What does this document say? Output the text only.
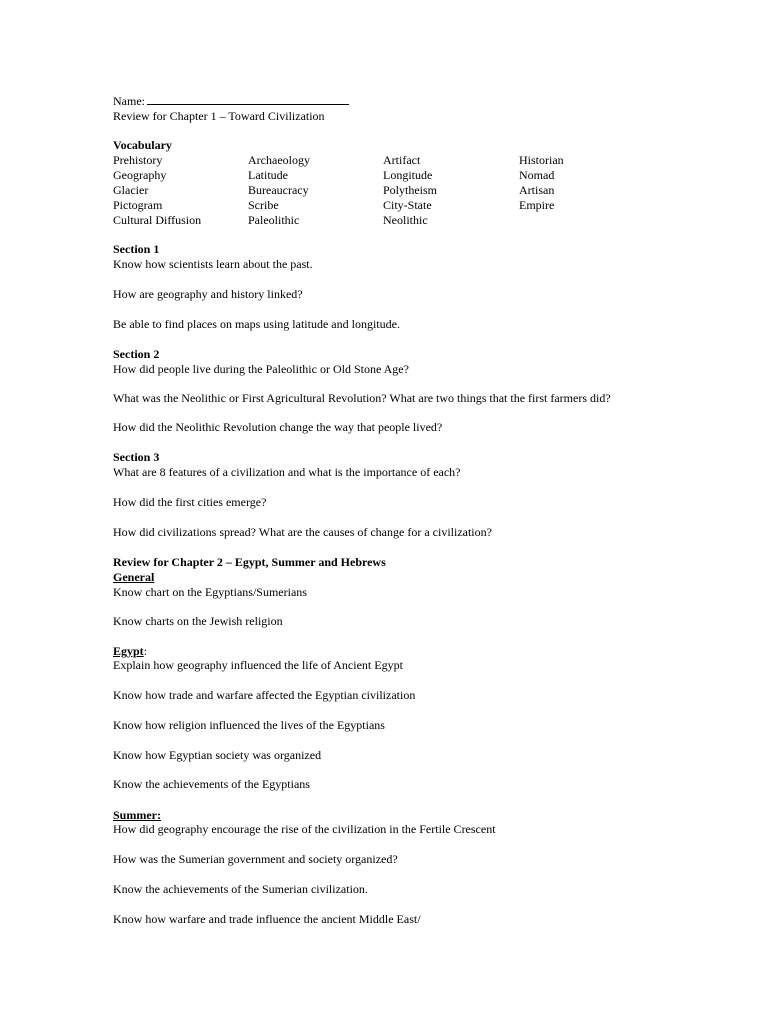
Name:
Review for Chapter 1 – Toward Civilization
Vocabulary
Prehistory	Archaeology	Artifact	Historian
Geography	Latitude	Longitude	Nomad
Glacier	Bureaucracy	Polytheism	Artisan
Pictogram	Scribe	City-State	Empire
Cultural Diffusion	Paleolithic	Neolithic
Section 1
Know how scientists learn about the past.
How are geography and history linked?
Be able to find places on maps using latitude and longitude.
Section 2
How did people live during the Paleolithic or Old Stone Age?
What was the Neolithic or First Agricultural Revolution? What are two things that the first farmers did?
How did the Neolithic Revolution change the way that people lived?
Section 3
What are 8 features of a civilization and what is the importance of each?
How did the first cities emerge?
How did civilizations spread? What are the causes of change for a civilization?
Review for Chapter 2 – Egypt, Summer and Hebrews
General
Know chart on the Egyptians/Sumerians
Know charts on the Jewish religion
Egypt:
Explain how geography influenced the life of Ancient Egypt
Know how trade and warfare affected the Egyptian civilization
Know how religion influenced the lives of the Egyptians
Know how Egyptian society was organized
Know the achievements of the Egyptians
Summer:
How did geography encourage the rise of the civilization in the Fertile Crescent
How was the Sumerian government and society organized?
Know the achievements of the Sumerian civilization.
Know how warfare and trade influence the ancient Middle East/
